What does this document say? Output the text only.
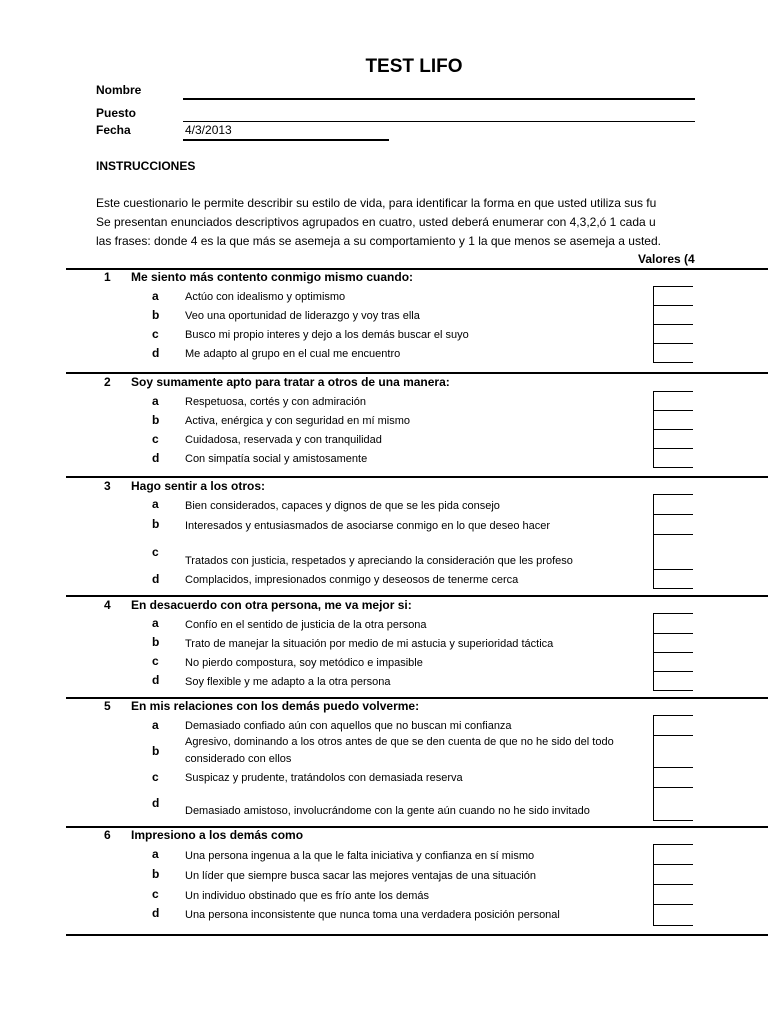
TEST LIFO
Nombre
Puesto
Fecha	4/3/2013
INSTRUCCIONES
Este cuestionario le permite describir su estilo de vida, para identificar la forma en que usted utiliza sus fu
Se presentan enunciados descriptivos agrupados en cuatro, usted deberá enumerar con 4,3,2,ó 1 cada u
las frases: donde 4 es la que más se asemeja a su comportamiento y 1 la que menos se asemeja a usted.
Valores (4
1 Me siento más contento conmigo mismo cuando:
a Actúo con idealismo y optimismo
b Veo una oportunidad de liderazgo y voy tras ella
c Busco mi propio interes y dejo a los demás buscar el suyo
d Me adapto al grupo en el cual me encuentro
2 Soy sumamente apto para tratar a otros de una manera:
a Respetuosa, cortés y con admiración
b Activa, enérgica y con seguridad en mí mismo
c Cuidadosa, reservada y con tranquilidad
d Con simpatía social y amistosamente
3 Hago sentir a los otros:
a Bien considerados, capaces y dignos de que se les pida consejo
b Interesados y entusiasmados de asociarse conmigo en lo que deseo hacer
c
Tratados con justicia, respetados y apreciando la consideración que les profeso
d Complacidos, impresionados conmigo y deseosos de tenerme cerca
4 En desacuerdo con otra persona, me va mejor si:
a Confío en el sentido de justicia de la otra persona
b Trato de manejar la situación por medio de mi astucia y superioridad táctica
c No pierdo compostura, soy metódico e impasible
d Soy flexible y me adapto a la otra persona
5 En mis relaciones con los demás puedo volverme:
a Demasiado confiado aún con aquellos que no buscan mi confianza
b
Agresivo, dominando a los otros antes de que se den cuenta de que no he sido del todo
considerado con ellos
c Suspicaz y prudente, tratándolos con demasiada reserva
d
Demasiado amistoso, involucrándome con la gente aún cuando no he sido invitado
6 Impresiono a los demás como
a Una persona ingenua a la que le falta iniciativa y confianza en sí mismo
b Un líder que siempre busca sacar las mejores ventajas de una situación
c Un individuo obstinado que es frío ante los demás
d Una persona inconsistente que nunca toma una verdadera posición personal
